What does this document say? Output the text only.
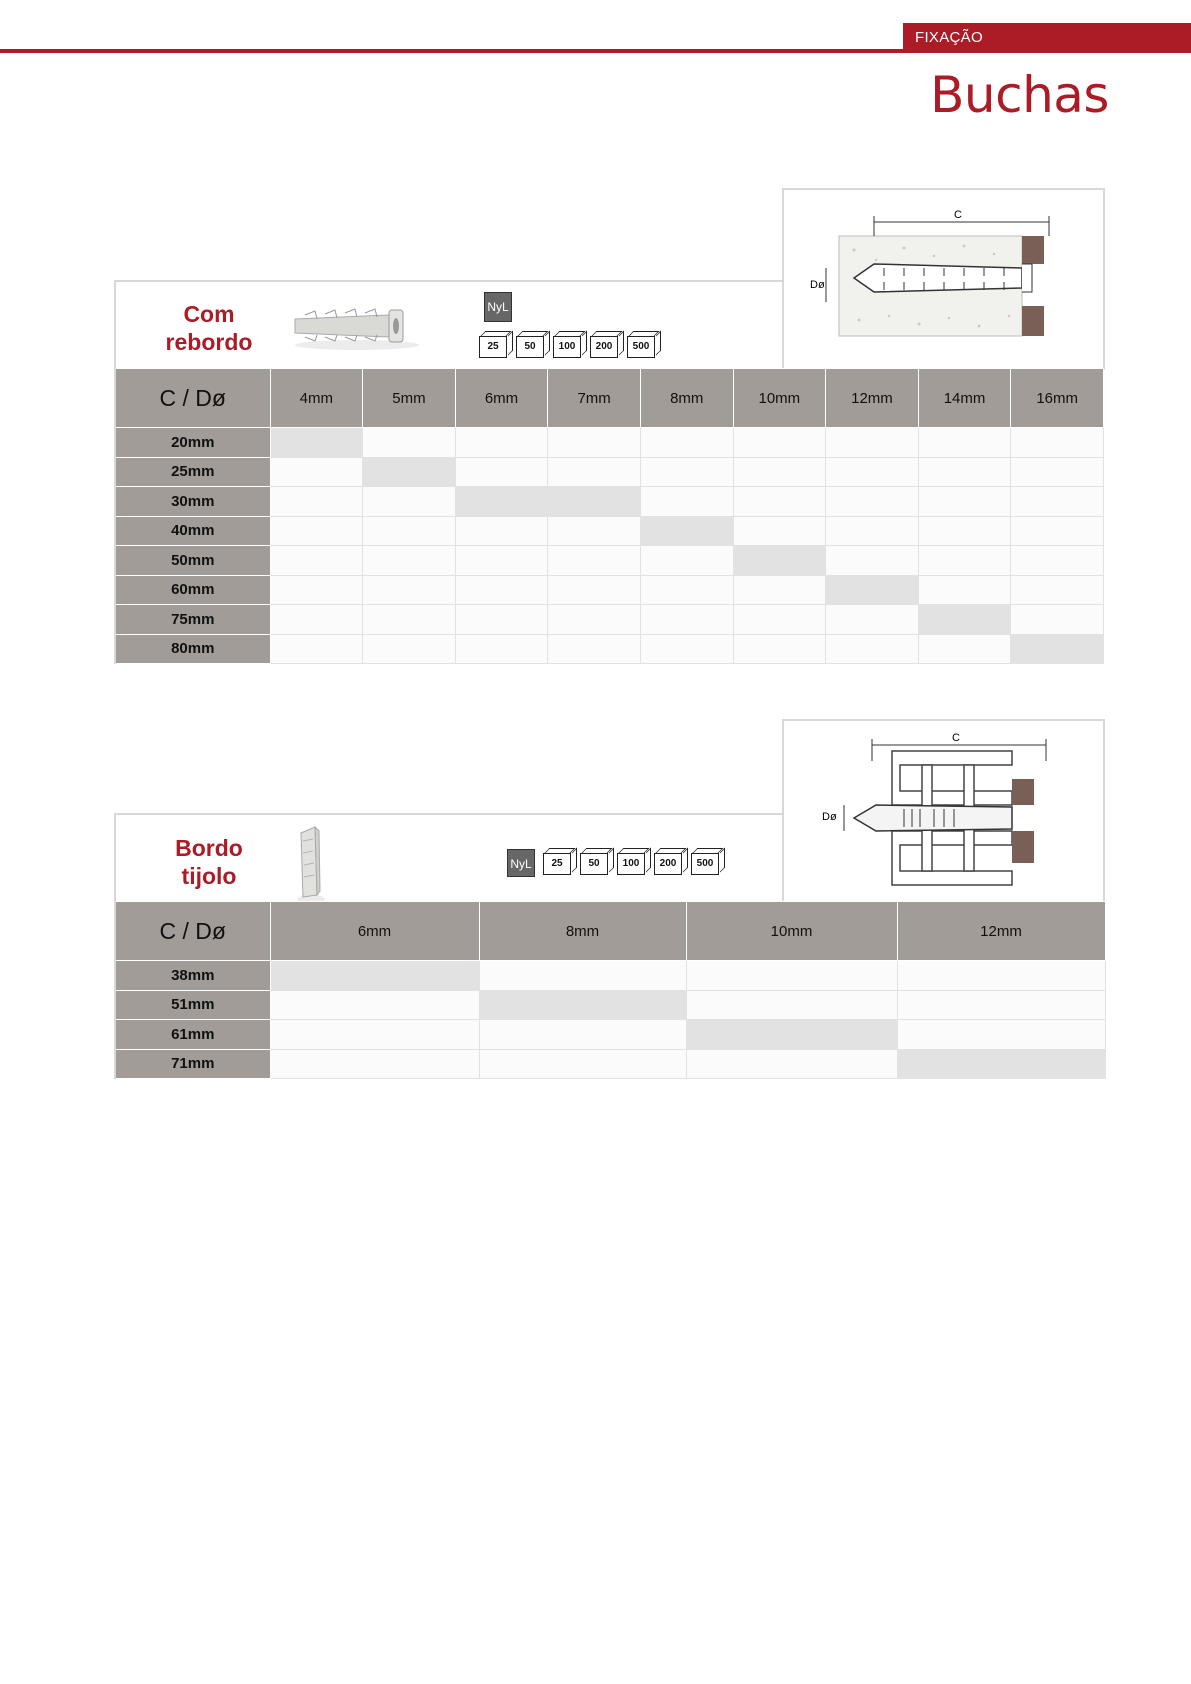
FIXAÇÃO
Buchas
Com
rebordo
NyL
25	50	100	200	500
C
Dø
C / Dø	4mm	5mm	6mm	7mm	8mm	10mm	12mm	14mm	16mm
20mm									
25mm									
30mm									
40mm									
50mm									
60mm									
75mm									
80mm									
Bordo
tijolo	NyL	25	50	100	200	500
C
Dø
C / Dø	6mm	8mm	10mm	12mm
38mm				
51mm				
61mm				
71mm				
